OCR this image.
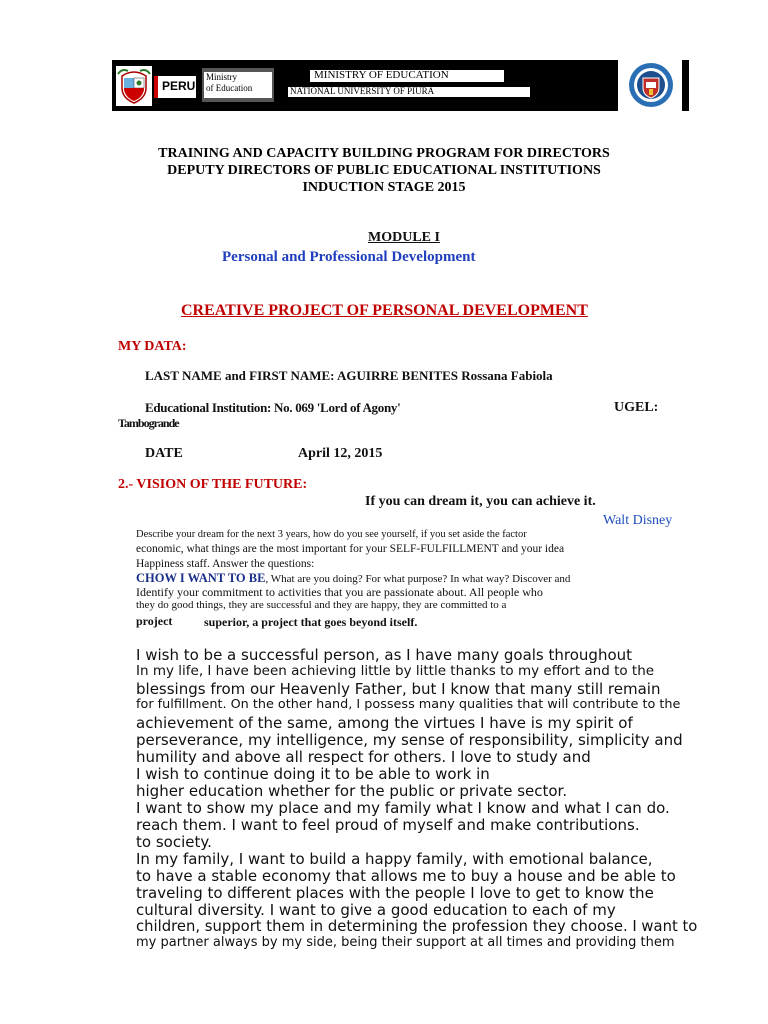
PERU
Ministry
of Education
MINISTRY OF EDUCATION
NATIONAL UNIVERSITY OF PIURA
TRAINING AND CAPACITY BUILDING PROGRAM FOR DIRECTORS
DEPUTY DIRECTORS OF PUBLIC EDUCATIONAL INSTITUTIONS
INDUCTION STAGE 2015
MODULE I
Personal and Professional Development
CREATIVE PROJECT OF PERSONAL DEVELOPMENT
MY DATA:
LAST NAME and FIRST NAME: AGUIRRE BENITES Rossana Fabiola
Educational Institution: No. 069 'Lord of Agony'	UGEL:
Tambogrande
DATE	April 12, 2015
2.- VISION OF THE FUTURE:
If you can dream it, you can achieve it.
Walt Disney
Describe your dream for the next 3 years, how do you see yourself, if you set aside the factor
economic, what things are the most important for your SELF-FULFILLMENT and your idea
Happiness staff. Answer the questions:
CHOW I WANT TO BE, What are you doing? For what purpose? In what way? Discover and
Identify your commitment to activities that you are passionate about. All people who
they do good things, they are successful and they are happy, they are committed to a
project	superior, a project that goes beyond itself.
I wish to be a successful person, as I have many goals throughout
In my life, I have been achieving little by little thanks to my effort and to the
blessings from our Heavenly Father, but I know that many still remain
for fulfillment. On the other hand, I possess many qualities that will contribute to the
achievement of the same, among the virtues I have is my spirit of
perseverance, my intelligence, my sense of responsibility, simplicity and
humility and above all respect for others. I love to study and
I wish to continue doing it to be able to work in
higher education whether for the public or private sector.
I want to show my place and my family what I know and what I can do.
reach them. I want to feel proud of myself and make contributions.
to society.
In my family, I want to build a happy family, with emotional balance,
to have a stable economy that allows me to buy a house and be able to
traveling to different places with the people I love to get to know the
cultural diversity. I want to give a good education to each of my
children, support them in determining the profession they choose. I want to
my partner always by my side, being their support at all times and providing them
